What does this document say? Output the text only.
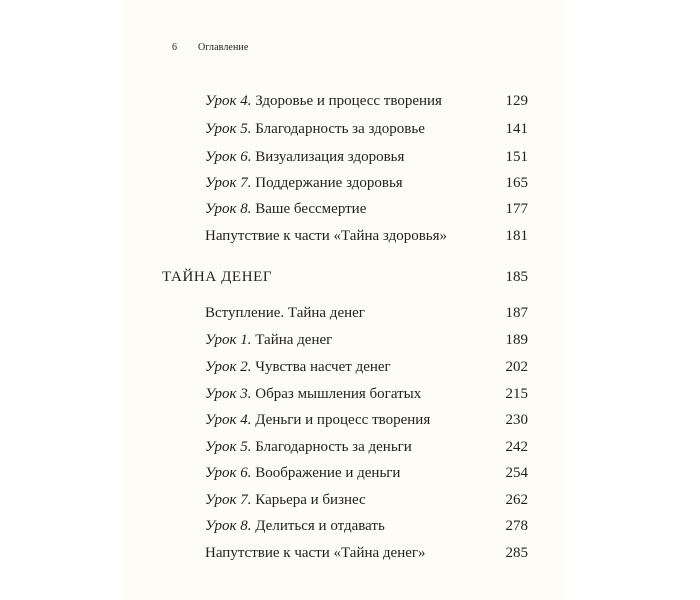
6 Оглавление
Урок 4. Здоровье и процесс творения	129
Урок 5. Благодарность за здоровье	141
Урок 6. Визуализация здоровья	151
Урок 7. Поддержание здоровья	165
Урок 8. Ваше бессмертие	177
Напутствие к части «Тайна здоровья»	181
ТАЙНА ДЕНЕГ	185
Вступление. Тайна денег	187
Урок 1. Тайна денег	189
Урок 2. Чувства насчет денег	202
Урок 3. Образ мышления богатых	215
Урок 4. Деньги и процесс творения	230
Урок 5. Благодарность за деньги	242
Урок 6. Воображение и деньги	254
Урок 7. Карьера и бизнес	262
Урок 8. Делиться и отдавать	278
Напутствие к части «Тайна денег»	285
